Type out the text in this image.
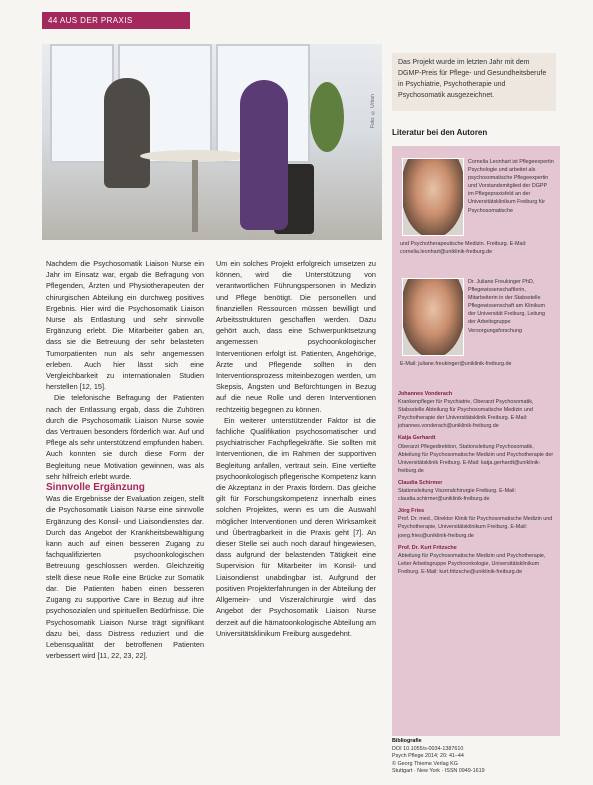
44 AUS DER PRAXIS
Foto: © Urban

Nachdem die Psychosomatik Liaison Nurse ein Jahr im Einsatz war, ergab die Befragung von Pflegenden, Ärzten und Physiotherapeuten der chirurgischen Abteilung ein durchweg positives Ergebnis. Hier wird die Psychosomatik Liaison Nurse als Entlastung und sehr sinnvolle Ergänzung erlebt. Die Mitarbeiter gaben an, dass sie die Betreuung der sehr belasteten Tumorpatienten nun als sehr angemessen erleben. Auch hier lässt sich eine Vergleichbarkeit zu internationalen Studien herstellen [12, 15].

Die telefonische Befragung der Patienten nach der Entlassung ergab, dass die Zuhören durch die Psychosomatik Liaison Nurse sowie das Vertrauen besonders förderlich war. Auf und Pflege als sehr unterstützend empfunden haben. Auch konnten sie durch diese Form der Begleitung neue Motivation gewinnen, was als sehr hilfreich erlebt wurde.

Sinnvolle Ergänzung

Was die Ergebnisse der Evaluation zeigen, stellt die Psychosomatik Liaison Nurse eine sinnvolle Ergänzung des Konsil- und Liaisondienstes dar. Durch das Angebot der Krankheitsbewältigung kann auch auf einen besseren Zugang zu fachqualifizierten psychoonkologischen Betreuung geschlossen werden. Gleichzeitig stellt diese neue Rolle eine Brücke zur Somatik dar. Die Patienten haben einen besseren Zugang zu supportive Care in Bezug auf ihre psychosozialen und spirituellen Bedürfnisse. Die Psychosomatik Liaison Nurse trägt signifikant dazu bei, dass Distress reduziert und die Lebensqualität der betroffenen Patienten verbessert wird [11, 22, 23, 22].

Um ein solches Projekt erfolgreich umsetzen zu können, wird die Unterstützung von verantwortlichen Führungspersonen in Medizin und Pflege benötigt. Die personellen und finanziellen Ressourcen müssen bewilligt und Arbeitsstrukturen geschaffen werden. Dazu gehört auch, dass eine Schwerpunktsetzung angemessen psychoonkologischer Interventionen erfolgt ist. Patienten, Angehörige, Ärzte und Pflegende sollten in den Interventionsprozess miteinbezogen werden, um Skepsis, Ängsten und Befürchtungen in Bezug auf die neue Rolle und deren Interventionen rechtzeitig begegnen zu können.

Ein weiterer unterstützender Faktor ist die fachliche Qualifikation psychosomatischer und psychiatrischer Fachpflegekräfte. Sie sollten mit Interventionen, die im Rahmen der supportiven Begleitung anfallen, vertraut sein. Eine vertiefte psychoonkologisch pflegerische Kompetenz kann die Akzeptanz in der Praxis fördern. Das gleiche gilt für Forschungskompetenz innerhalb eines solchen Projektes, wenn es um die Auswahl möglicher Interventionen und deren Wirksamkeit und Übertragbarkeit in die Praxis geht [7]. An dieser Stelle sei auch noch darauf hingewiesen, dass aufgrund der belastenden Tätigkeit eine Supervision für Mitarbeiter im Konsil- und Liaisondienst unabdingbar ist. Aufgrund der positiven Projekterfahrungen in der Abteilung der Allgemein- und Viszeralchirurgie wird das Angebot der Psychosomatik Liaison Nurse derzeit auf die hämatoonkologische Abteilung am Universitätsklinikum Freiburg ausgedehnt.

Das Projekt wurde im letzten Jahr mit dem DGMP-Preis für Pflege- und Gesundheitsberufe in Psychiatrie, Psychotherapie und Psychosomatik ausgezeichnet.
Literatur bei den Autoren
Cornelia Leonhart ist Pflegeexpertin Psychologie und arbeitet als psychosomatische Pflegeexpertin und Vorstandsmitglied der DGPP im Pflegepraxisfeld an der Universitätsklinikum Freiburg für Psychosomatische
und Psychotherapeutische Medizin. Freiburg. E-Mail: cornelia.leonhart@uniklinik-freiburg.de
Dr. Juliane Freukinger PhD, Pflegewissenschaftlerin, Mitarbeiterin in der Stabsstelle Pflegewissenschaft am Klinikum der Universität Freiburg, Leitung der Arbeitsgruppe Versorgungsforschung
E-Mail: juliane.freukinger@uniklinik-freiburg.de
Johannes Vonderach
Krankenpfleger für Psychiatrie, Oberarzt Psychosomatik, Stabsstelle Abteilung für Psychosomatische Medizin und Psychotherapie der Universitätsklinik Freiburg. E-Mail: johannes.vonderach@uniklinik-freiburg.de
Katja Gerhardt
Oberarzt Pflegedirektion, Stationsleitung Psychosomatik, Abteilung für Psychosomatische Medizin und Psychotherapie der Universitätsklinik Freiburg. E-Mail: katja.gerhardt@uniklinik-freiburg.de
Claudia Schirmer
Stationsleitung Viszeralchirurgie Freiburg. E-Mail: claudia.schirmer@uniklinik-freiburg.de
Jörg Fries
Prof. Dr. med., Direktor Klinik für Psychosomatische Medizin und Psychotherapie, Universitätsklinikum Freiburg. E-Mail: joerg.fries@uniklinik-freiburg.de
Prof. Dr. Kurt Fritzsche
Abteilung für Psychosomatische Medizin und Psychotherapie, Leiter Arbeitsgruppe Psychoonkologie, Universitätsklinikum Freiburg. E-Mail: kurt.fritzsche@uniklinik-freiburg.de
Bibliografie
DOI 10.1055/s-0034-1387610
Psych Pflege 2014; 20: 41–44
© Georg Thieme Verlag KG
Stuttgart · New York · ISSN 0949-1619
